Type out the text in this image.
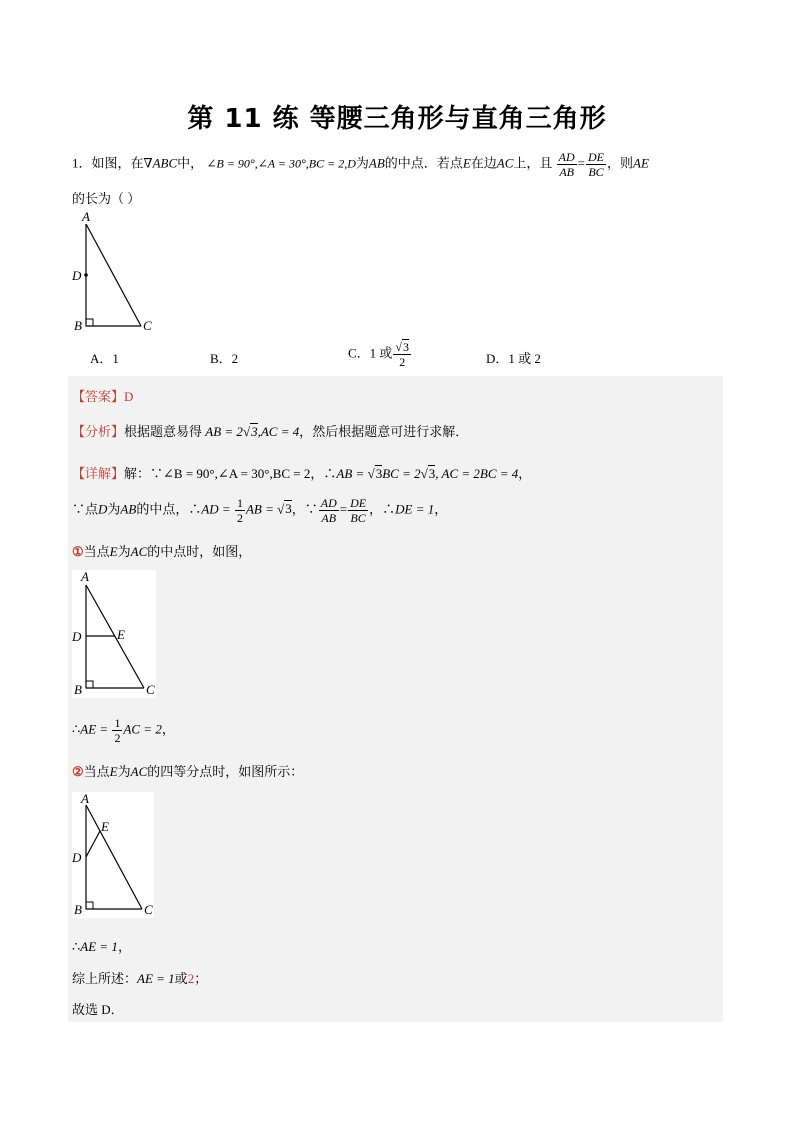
第 11 练 等腰三角形与直角三角形
1．如图，在∇ABC中， ∠B = 90°,∠A = 30°,BC = 2,D为AB的中点．若点E在边AC上，且 $\frac{AD}{AB} = \frac{DE}{BC}$ ，则AE
的长为（ ）
A
D
B	C
A．1	B．2	C．1 或 $\frac{√3}{2}$	D．1 或 2
【答案】D
【分析】根据题意易得 AB = 2√3,AC = 4，然后根据题意可进行求解．
【详解】解：∵∠B = 90°,∠A = 30°,BC = 2，∴AB = √3BC = 2√3, AC = 2BC = 4，
∵点D为AB的中点，∴AD = $\frac{1}{2}$ AB = √3，∵ $\frac{AD}{AB} = \frac{DE}{BC}$ ，∴DE = 1，
①当点E为AC的中点时，如图，
A
D	E
B	C
∴AE = $\frac{1}{2}$ AC = 2，
②当点E为AC的四等分点时，如图所示：
A
D
E
B	C
∴AE = 1，
综上所述：AE = 1或2；
故选 D．
